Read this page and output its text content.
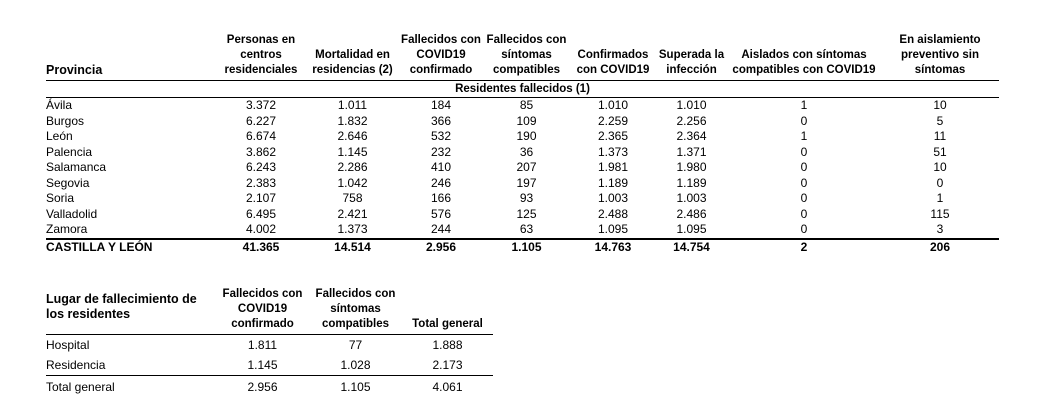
Provincia	Personas en centros residenciales	Mortalidad en residencias (2)	Fallecidos con COVID19 confirmado	Fallecidos con síntomas compatibles	Confirmados con COVID19	Superada la infección	Aislados con síntomas compatibles con COVID19	En aislamiento preventivo sin síntomas
Residentes fallecidos (1)								
Ávila	3.372	1.011	184	85	1.010	1.010	1	10
Burgos	6.227	1.832	366	109	2.259	2.256	0	5
León	6.674	2.646	532	190	2.365	2.364	1	11
Palencia	3.862	1.145	232	36	1.373	1.371	0	51
Salamanca	6.243	2.286	410	207	1.981	1.980	0	10
Segovia	2.383	1.042	246	197	1.189	1.189	0	0
Soria	2.107	758	166	93	1.003	1.003	0	1
Valladolid	6.495	2.421	576	125	2.488	2.486	0	115
Zamora	4.002	1.373	244	63	1.095	1.095	0	3
CASTILLA Y LEÓN	41.365	14.514	2.956	1.105	14.763	14.754	2	206
Lugar de fallecimiento de los residentes	Fallecidos con COVID19 confirmado	Fallecidos con síntomas compatibles	Total general
Hospital	1.811	77	1.888
Residencia	1.145	1.028	2.173
Total general	2.956	1.105	4.061
